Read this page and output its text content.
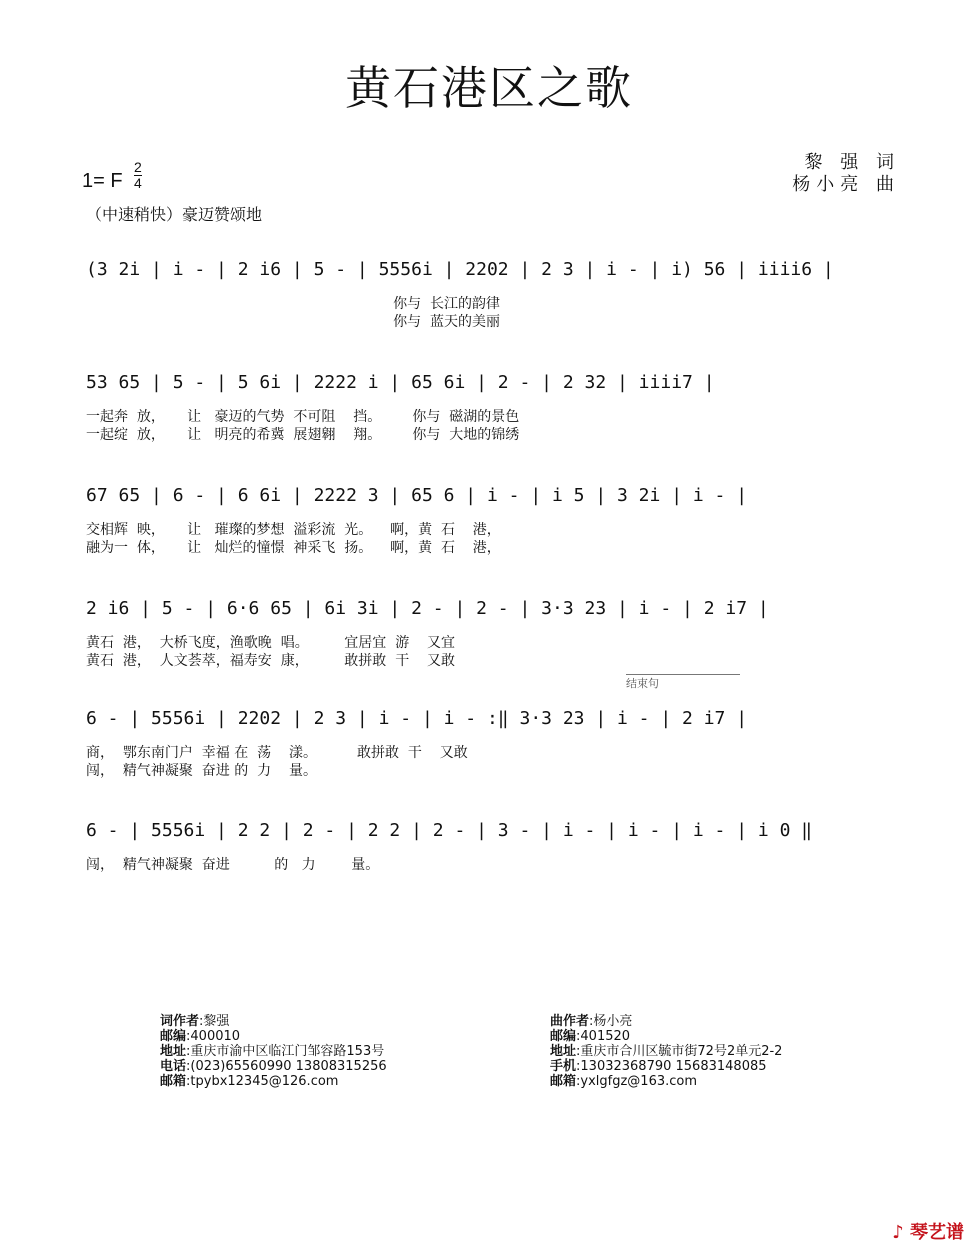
黄石港区之歌
黎 强 词
杨小亮 曲
1= F
2
4
（中速稍快）豪迈赞颂地
(3 2i | i - | 2 i6 | 5 - | 5556i | 2202 | 2 3 | i - | i) 56 | iiii6 |
你与  长江的韵律
你与  蓝天的美丽
53 65 | 5 - | 5 6i | 2222 i | 65 6i | 2 - | 2 32 | iiii7 |
一起奔  放，     让   豪迈的气势  不可阻    挡。       你与  磁湖的景色
一起绽  放，     让   明亮的希冀  展翅翱    翔。       你与  大地的锦绣
67 65 | 6 - | 6 6i | 2222 3 | 65 6 | i - | i 5 | 3 2i | i - |
交相辉  映，     让   璀璨的梦想  溢彩流  光。    啊，黄  石    港，
融为一  体，     让   灿烂的憧憬  神采飞  扬。    啊，黄  石    港，
2 i6 | 5 - | 6·6 65 | 6i 3i | 2 - | 2 - | 3·3 23 | i - | 2 i7 |
黄石  港，  大桥飞度，渔歌晚  唱。        宜居宜  游    又宜
黄石  港，  人文荟萃，福寿安  康，        敢拼敢  干    又敢
结束句
6 - | 5556i | 2202 | 2 3 | i - | i - :‖ 3·3 23 | i - | 2 i7 |
商，  鄂东南门户  幸福 在  荡    漾。         敢拼敢  干    又敢
闯，  精气神凝聚  奋进 的  力    量。
6 - | 5556i | 2 2 | 2 - | 2 2 | 2 - | 3 - | i - | i - | i - | i 0 ‖
闯，  精气神凝聚  奋进          的   力        量。
词作者:黎强
邮编:400010
地址:重庆市渝中区临江门邹容路153号
电话:(023)65560990 13808315256
邮箱:tpybx12345@126.com
曲作者:杨小亮
邮编:401520
地址:重庆市合川区毓市街72号2单元2-2
手机:13032368790 15683148085
邮箱:yxlgfgz@163.com
♪ 琴艺谱
